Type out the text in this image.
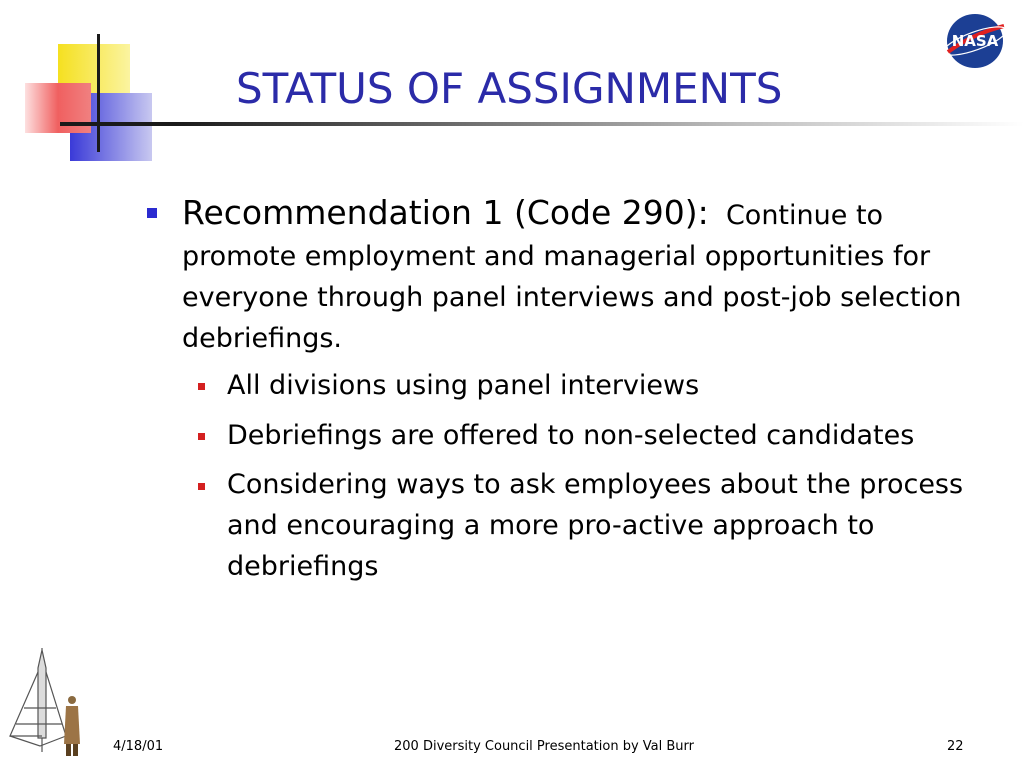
STATUS OF ASSIGNMENTS
NASA
Recommendation 1 (Code 290): Continue to promote employment and managerial opportunities for everyone through panel interviews and post-job selection debriefings.
All divisions using panel interviews
Debriefings are offered to non-selected candidates
Considering ways to ask employees about the process and encouraging a more pro-active approach to debriefings
4/18/01	200 Diversity Council Presentation by Val Burr	22
